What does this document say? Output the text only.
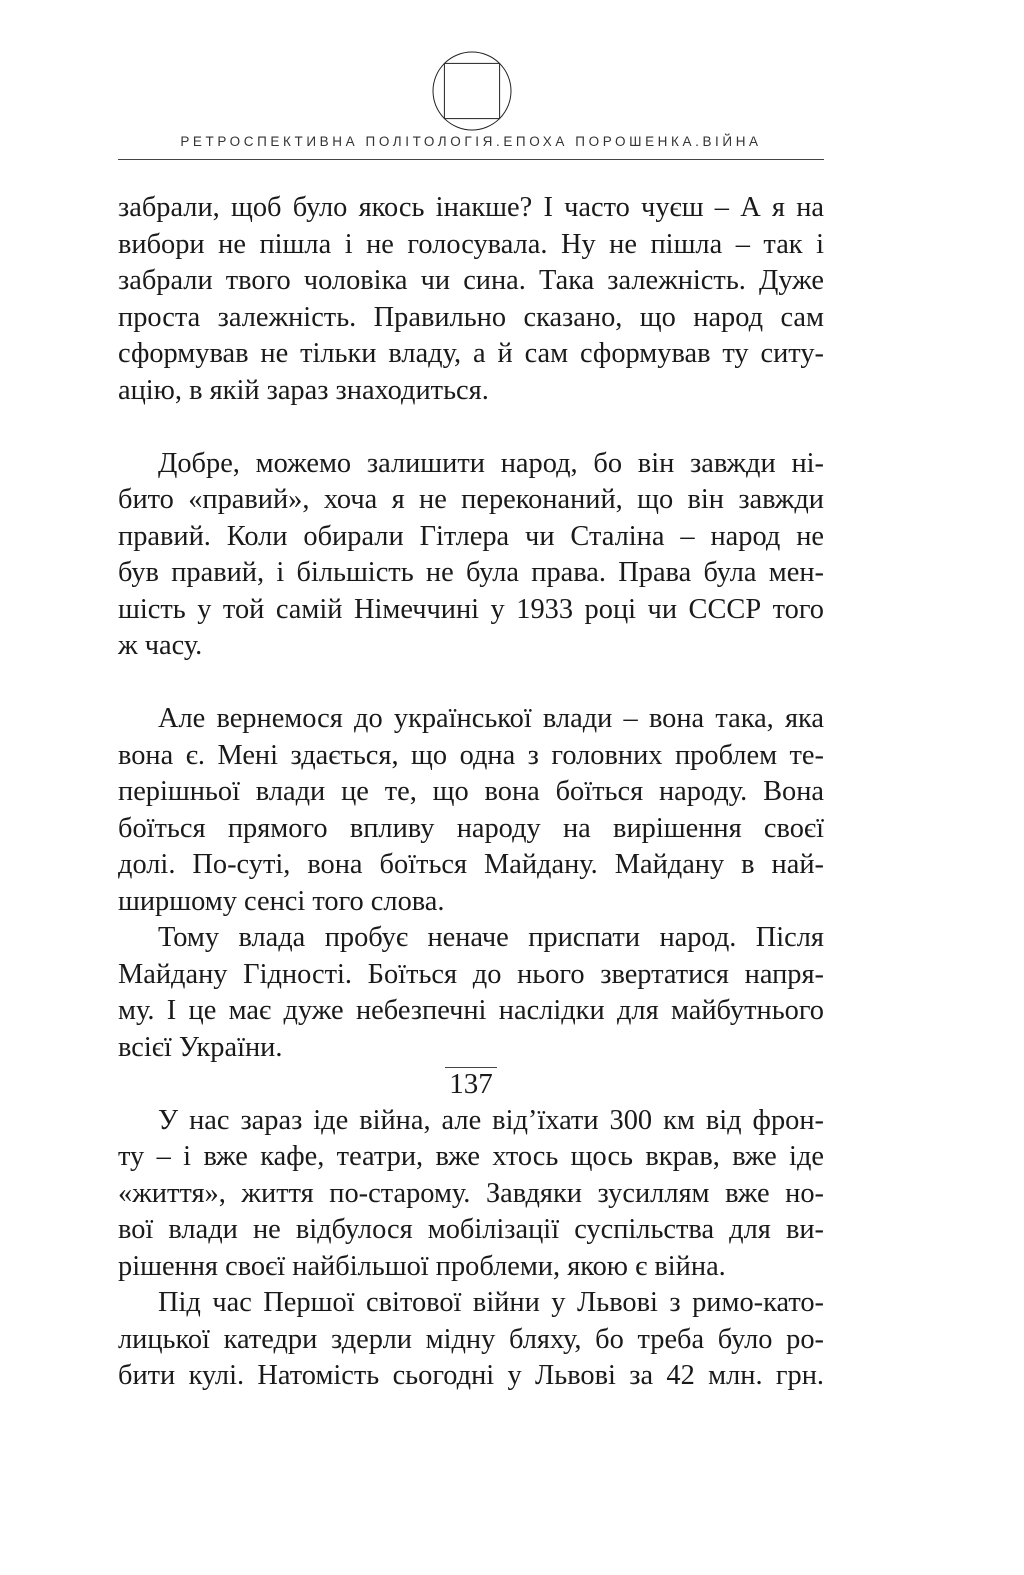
РЕТРОСПЕКТИВНА ПОЛІТОЛОГІЯ.ЕПОХА ПОРОШЕНКА.ВІЙНА
забрали, щоб було якось інакше? І часто чуєш – А я на
вибори не пішла і не голосувала. Ну не пішла – так і
забрали твого чоловіка чи сина. Така залежність. Дуже
проста залежність. Правильно сказано, що народ сам
сформував не тільки владу, а й сам сформував ту ситу-
ацію, в якій зараз знаходиться.
Добре, можемо залишити народ, бо він завжди ні-
бито «правий», хоча я не переконаний, що він завжди
правий. Коли обирали Гітлера чи Сталіна – народ не
був правий, і більшість не була права. Права була мен-
шість у той самій Німеччині у 1933 році чи СССР того
ж часу.
Але вернемося до української влади – вона така, яка
вона є. Мені здається, що одна з головних проблем те-
перішньої влади це те, що вона боїться народу. Вона
боїться прямого впливу народу на вирішення своєї
долі. По-суті, вона боїться Майдану. Майдану в най-
ширшому сенсі того слова.
Тому влада пробує неначе приспати народ. Після
Майдану Гідності. Боїться до нього звертатися напря-
му. І це має дуже небезпечні наслідки для майбутнього
всієї України.
У нас зараз іде війна, але від’їхати 300 км від фрон-
ту – і вже кафе, театри, вже хтось щось вкрав, вже іде
«життя», життя по-старому. Завдяки зусиллям вже но-
вої влади не відбулося мобілізації суспільства для ви-
рішення своєї найбільшої проблеми, якою є війна.
Під час Першої світової війни у Львові з римо-като-
лицької катедри здерли мідну бляху, бо треба було ро-
бити кулі. Натомість сьогодні у Львові за 42 млн. грн.
137
